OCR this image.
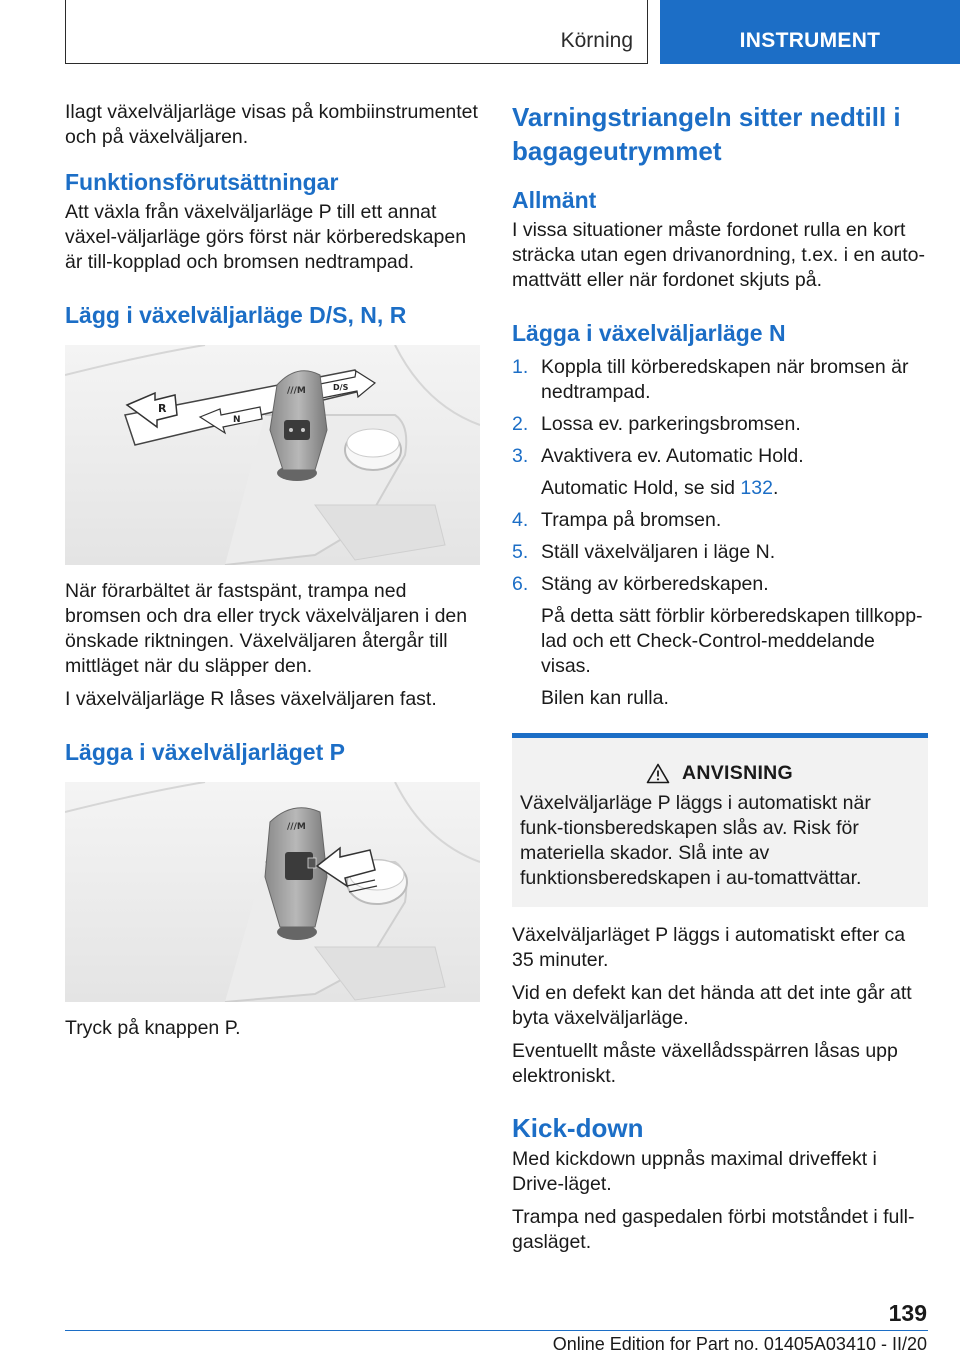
Körning	INSTRUMENT

Ilagt växelväljarläge visas på kombiinstrumentet och på växelväljaren.

Funktionsförutsättningar

Att växla från växelväljarläge P till ett annat växel-väljarläge görs först när körberedskapen är till-kopplad och bromsen nedtrampad.

Lägg i växelväljarläge D/S, N, R
R
N
D/S
///M

När förarbältet är fastspänt, trampa ned bromsen och dra eller tryck växelväljaren i den önskade riktningen. Växelväljaren återgår till mittläget när du släpper den.

I växelväljarläge R låses växelväljaren fast.

Lägga i växelväljarläget P
///M

Tryck på knappen P.

Varningstriangeln sitter nedtill i bagageutrymmet
Allmänt

I vissa situationer måste fordonet rulla en kort sträcka utan egen drivanordning, t.ex. i en auto-mattvätt eller när fordonet skjuts på.

Lägga i växelväljarläge N
1. Koppla till körberedskapen när bromsen är nedtrampad.
2. Lossa ev. parkeringsbromsen.
3. Avaktivera ev. Automatic Hold.
Automatic Hold, se sid 132.
4. Trampa på bromsen.
5. Ställ växelväljaren i läge N.
6. Stäng av körberedskapen.
På detta sätt förblir körberedskapen tillkopp-lad och ett Check-Control-meddelande visas.
Bilen kan rulla.
ANVISNING

Växelväljarläge P läggs i automatiskt när funk-tionsberedskapen slås av. Risk för materiella skador. Slå inte av funktionsberedskapen i au-tomattvättar.

Växelväljarläget P läggs i automatiskt efter ca 35 minuter.

Vid en defekt kan det hända att det inte går att byta växelväljarläge.

Eventuellt måste växellådsspärren låsas upp elektroniskt.

Kick-down

Med kickdown uppnås maximal driveffekt i Drive-läget.

Trampa ned gaspedalen förbi motståndet i full-gasläget.

139
Online Edition for Part no. 01405A03410 - II/20
